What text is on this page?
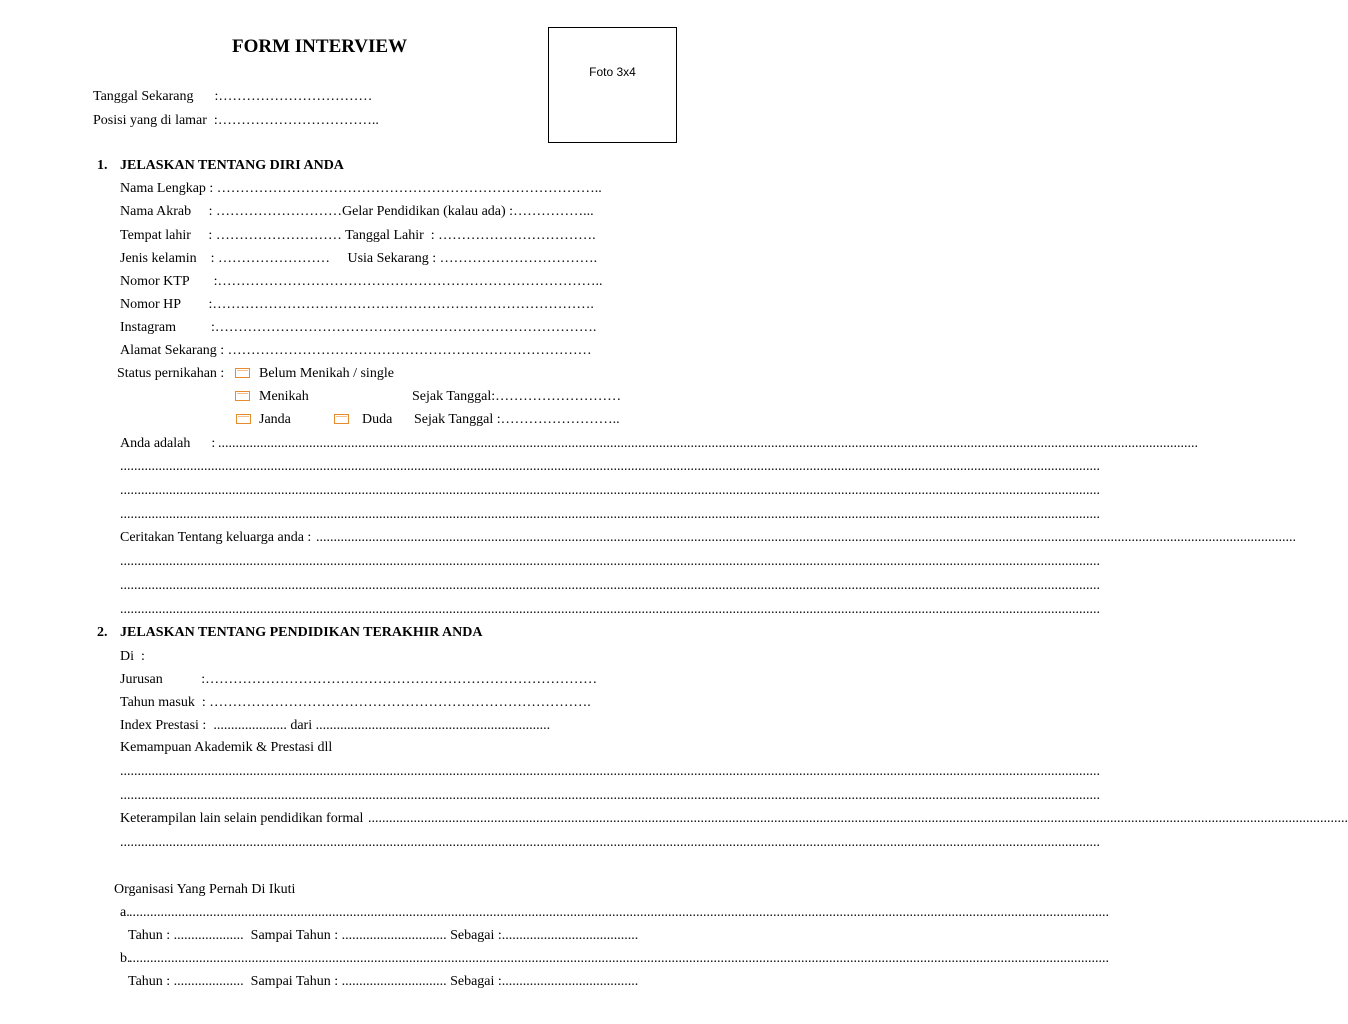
FORM INTERVIEW
Foto 3x4
Tanggal Sekarang      :……………………………
Posisi yang di lamar  :……………………………..
1. JELASKAN TENTANG DIRI ANDA
Nama Lengkap : ………………………………………………………………………..
Nama Akrab     : ………………………Gelar Pendidikan (kalau ada) :……………...
Tempat lahir     : ……………………… Tanggal Lahir  : …………………………….
Jenis kelamin    : ……………………     Usia Sekarang : …………………………….
Nomor KTP       :………………………………………………………………………..
Nomor HP        :……………………………………………………………………….
Instagram          :……………………………………………………………………….
Alamat Sekarang : ……………………………………………………………………
Status pernikahan : Belum Menikah / single
Menikah	Sejak Tanggal:………………………
Janda	Duda Sejak Tanggal :……………………..
Anda adalah      : ........................................................................................................................................................................................................................................................................................
........................................................................................................................................................................................................................................................................................
........................................................................................................................................................................................................................................................................................
........................................................................................................................................................................................................................................................................................
Ceritakan Tentang keluarga anda : ........................................................................................................................................................................................................................................................................................
........................................................................................................................................................................................................................................................................................
........................................................................................................................................................................................................................................................................................
........................................................................................................................................................................................................................................................................................
2. JELASKAN TENTANG PENDIDIKAN TERAKHIR ANDA
Di  :
Jurusan           :…………………………………………………………………………
Tahun masuk  : ……………………………………………………………………….
Index Prestasi :  ..................... dari ...................................................................
Kemampuan Akademik & Prestasi dll
........................................................................................................................................................................................................................................................................................
........................................................................................................................................................................................................................................................................................
Keterampilan lain selain pendidikan formal ........................................................................................................................................................................................................................................................................................
........................................................................................................................................................................................................................................................................................
Organisasi Yang Pernah Di Ikuti
a. ........................................................................................................................................................................................................................................................................................
Tahun : ....................  Sampai Tahun : .............................. Sebagai :.......................................
b.
........................................................................................................................................................................................................................................................................................
Tahun : ....................  Sampai Tahun : .............................. Sebagai :.......................................
